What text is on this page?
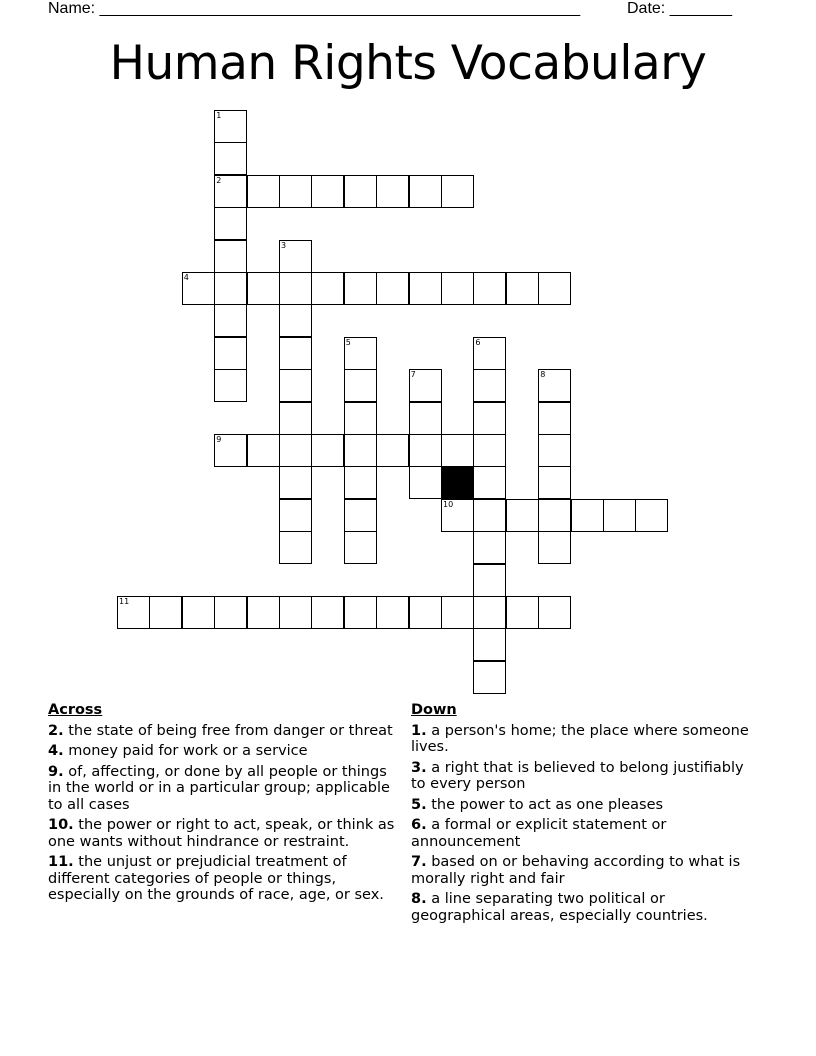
Name: ______________________________________________________	Date: _______
Human Rights Vocabulary
1
2
3
4
5	6
7	8
9
10
11
Across
2. the state of being free from danger or threat
4. money paid for work or a service
9. of, affecting, or done by all people or things in the world or in a particular group; applicable to all cases
10. the power or right to act, speak, or think as one wants without hindrance or restraint.
11. the unjust or prejudicial treatment of different categories of people or things, especially on the grounds of race, age, or sex.
Down
1. a person's home; the place where someone lives.
3. a right that is believed to belong justifiably to every person
5. the power to act as one pleases
6. a formal or explicit statement or announcement
7. based on or behaving according to what is morally right and fair
8. a line separating two political or geographical areas, especially countries.
